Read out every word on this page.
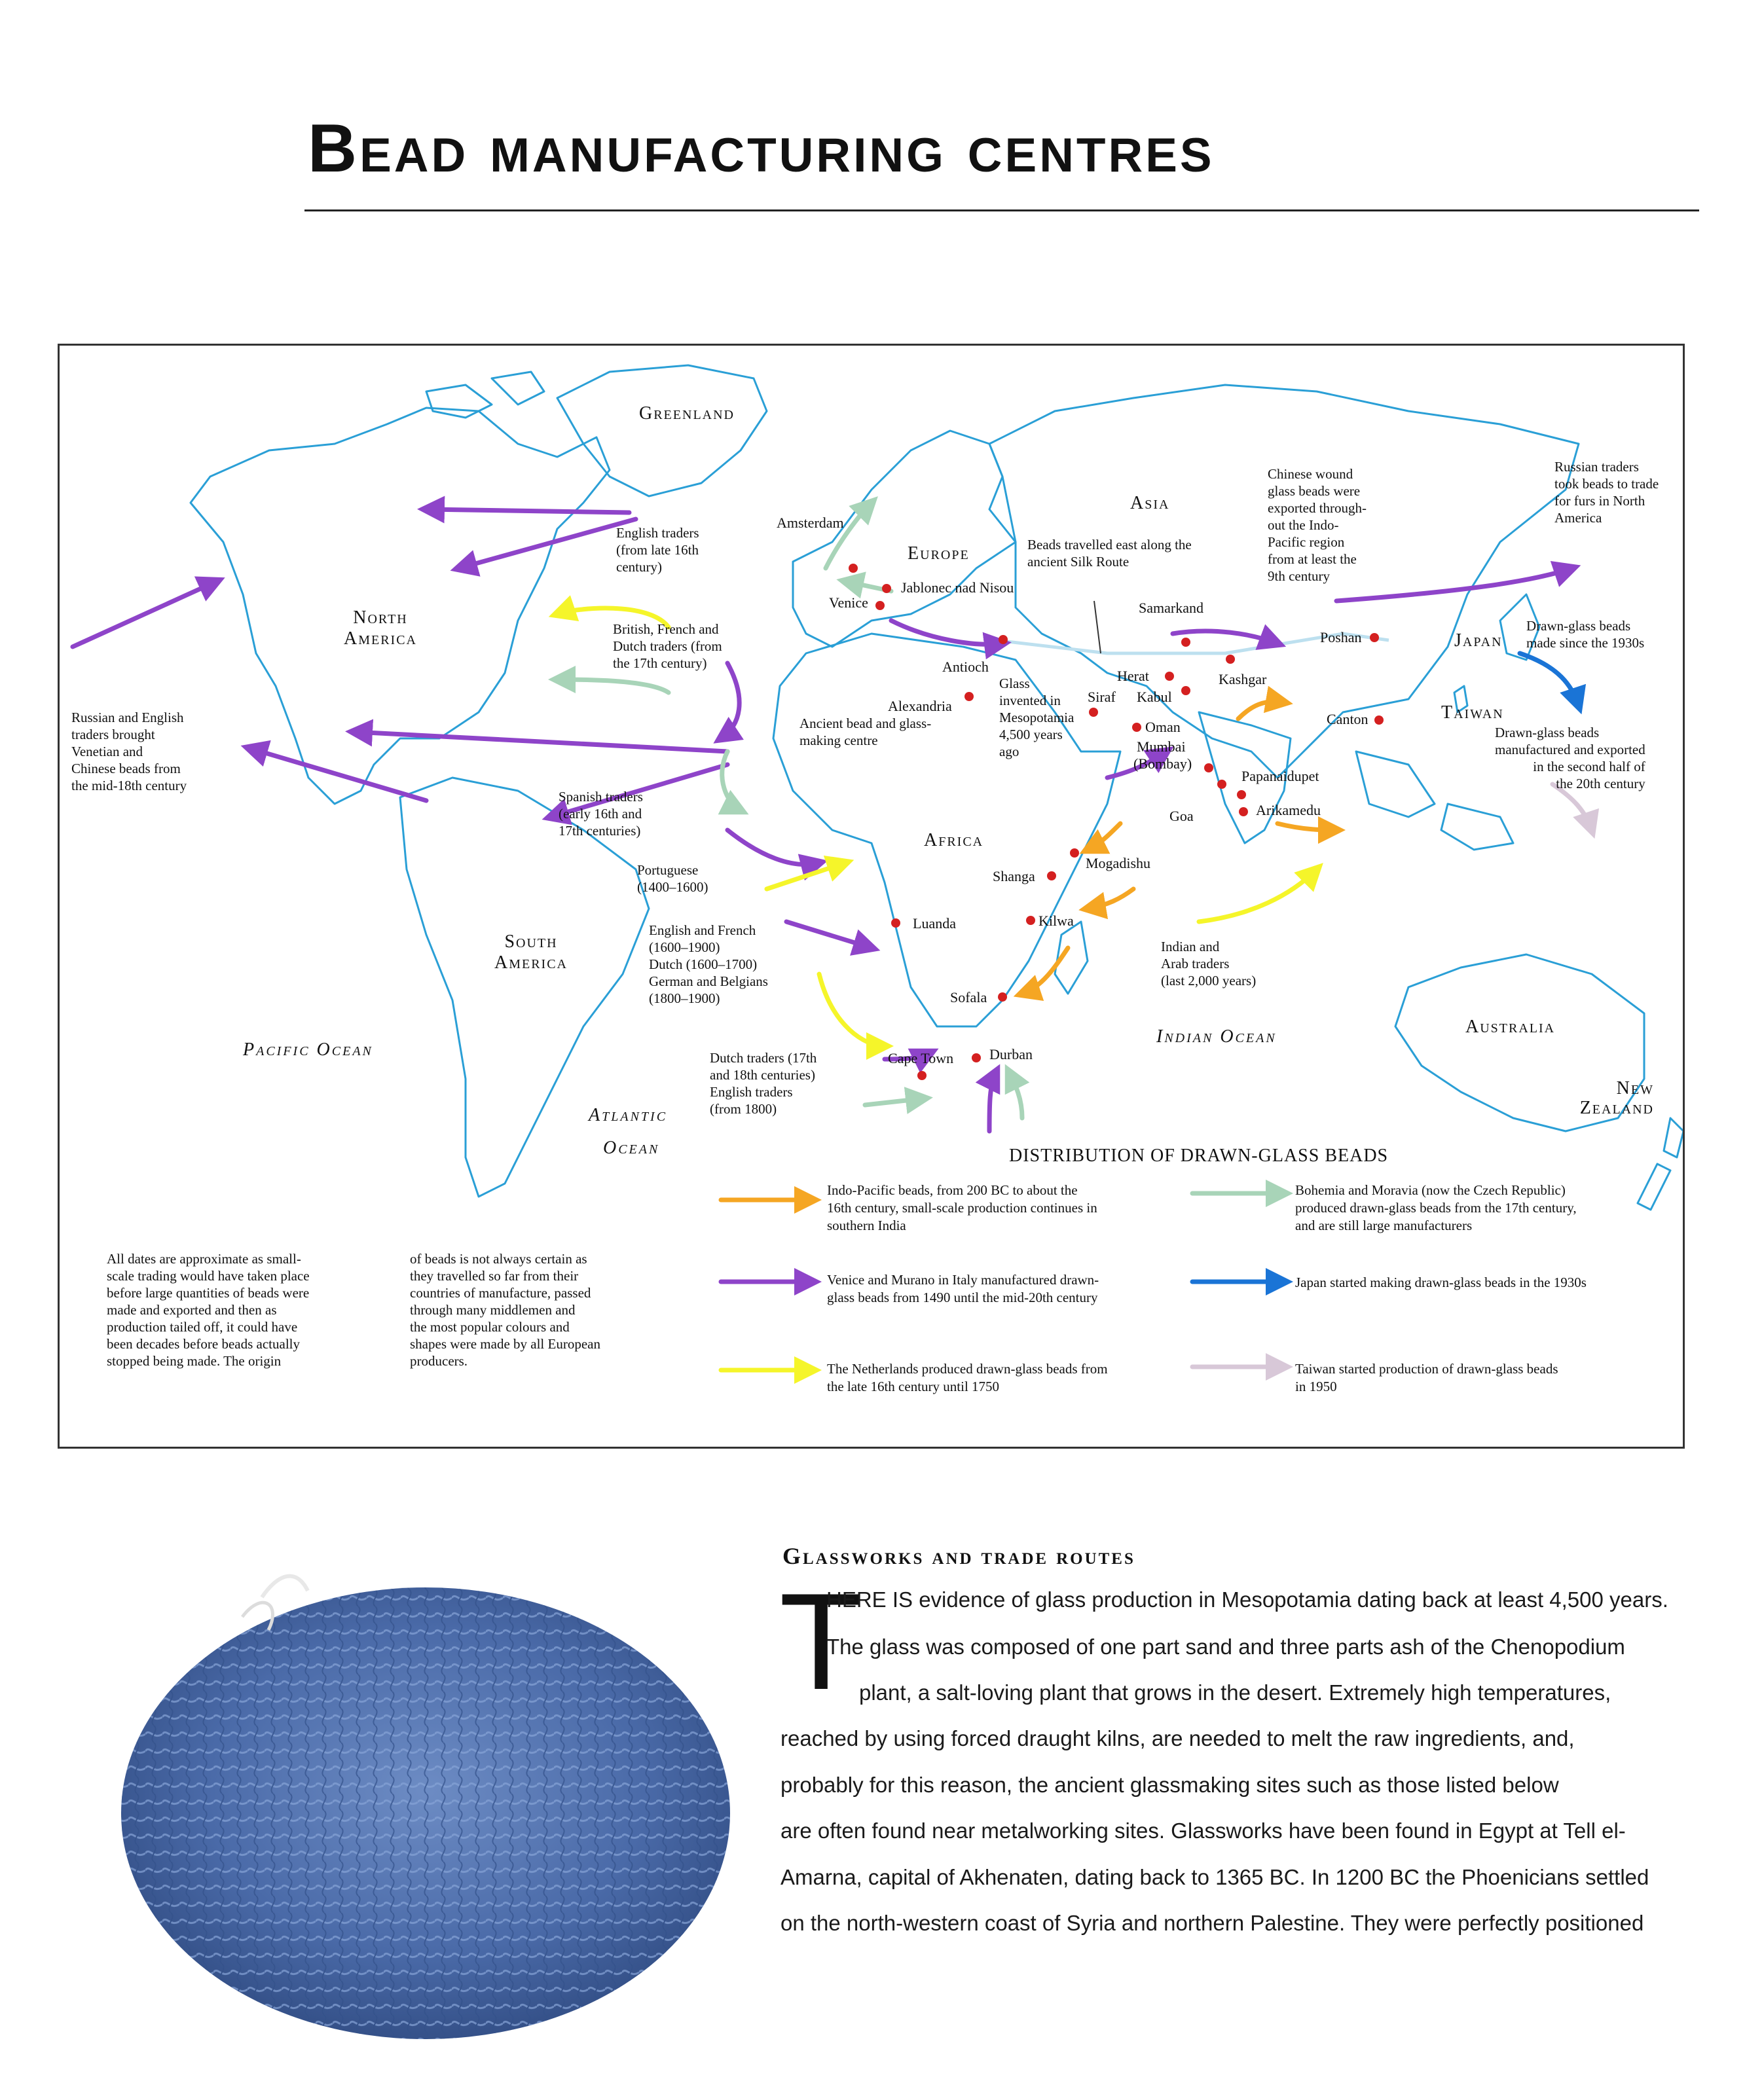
Bead manufacturing centres
Greenland
North America
South America
Europe
Asia
Africa
Australia
Japan
Taiwan
New Zealand
Pacific Ocean
Atlantic
Ocean
Indian Ocean
Amsterdam
Jablonec nad Nisou
Venice
Antioch
Alexandria
Samarkand
Herat
Kabul
Kashgar
Siraf
Oman
Mumbai
(Bombay)
Goa
Papanaidupet
Arikamedu
Poshan
Canton
Mogadishu
Shanga
Kilwa
Sofala
Luanda
Cape Town Durban
English traders
(from late 16th
century)
British, French and
Dutch traders (from
the 17th century)
Russian and English
traders brought
Venetian and
Chinese beads from
the mid-18th century
Spanish traders
(early 16th and
17th centuries)
Portuguese
(1400–1600)
English and French
(1600–1900)
Dutch (1600–1700)
German and Belgians
(1800–1900)
Dutch traders (17th
and 18th centuries)
English traders
(from 1800)
Ancient bead and glass-
making centre
Glass
invented in
Mesopotamia
4,500 years
ago
Beads travelled east along the
ancient Silk Route
Chinese wound
glass beads were
exported through-
out the Indo-
Pacific region
from at least the
9th century
Russian traders
took beads to trade
for furs in North
America
Drawn-glass beads
made since the 1930s
Drawn-glass beads
manufactured and exported
in the second half of
the 20th century
Indian and
Arab traders
(last 2,000 years)
All dates are approximate as small-
scale trading would have taken place
before large quantities of beads were
made and exported and then as
production tailed off, it could have
been decades before beads actually
stopped being made. The origin
of beads is not always certain as
they travelled so far from their
countries of manufacture, passed
through many middlemen and
the most popular colours and
shapes were made by all European
producers.
DISTRIBUTION OF DRAWN-GLASS BEADS
Indo-Pacific beads, from 200 BC to about the
16th century, small-scale production continues in
southern India
Venice and Murano in Italy manufactured drawn-
glass beads from 1490 until the mid-20th century
The Netherlands produced drawn-glass beads from
the late 16th century until 1750
Bohemia and Moravia (now the Czech Republic)
produced drawn-glass beads from the 17th century,
and are still large manufacturers
Japan started making drawn-glass beads in the 1930s
Taiwan started production of drawn-glass beads
in 1950
Glassworks and trade routes
T
HERE IS evidence of glass production in Mesopotamia dating back at least 4,500 years.
The glass was composed of one part sand and three parts ash of the Chenopodium
plant, a salt-loving plant that grows in the desert. Extremely high temperatures,
reached by using forced draught kilns, are needed to melt the raw ingredients, and,
probably for this reason, the ancient glassmaking sites such as those listed below
are often found near metalworking sites. Glassworks have been found in Egypt at Tell el-
Amarna, capital of Akhenaten, dating back to 1365 BC. In 1200 BC the Phoenicians settled
on the north-western coast of Syria and northern Palestine. They were perfectly positioned
